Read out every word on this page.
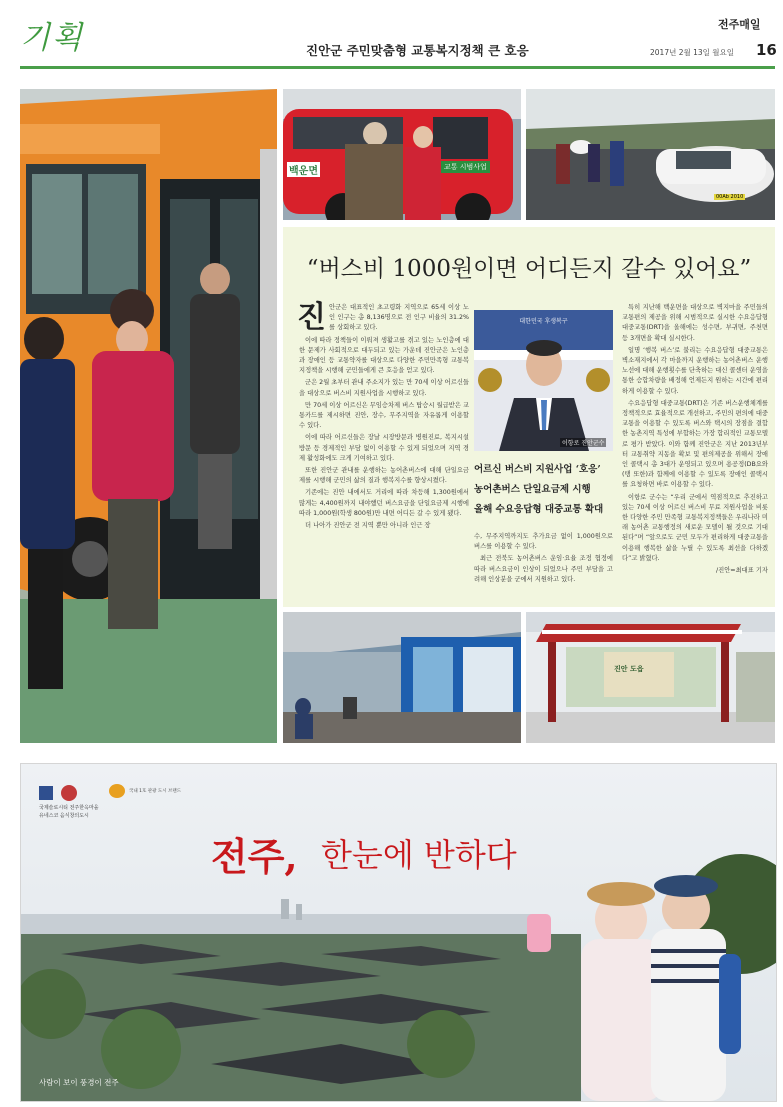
기획	진안군 주민맞춤형 교통복지정책 큰 호응
전주매일
2017년 2월 13일 월요일 16
백운면	교통 시범사업
00Ab 2010
“버스비 1000원이면 어디든지 갈수 있어요”
진 안군은 대표적인 초고령화 지역으로 65세 이상 노인 인구는 총 8,136명으로 전 인구 비율의 31.2%를 상회하고 있다.

이에 따라 정책들이 이뤄져 생활고를 겪고 있는 노인층에 대한 문제가 사회적으로 대두되고 있는 가운데 진안군은 노인층과 장애인 등 교통약자를 대상으로 다양한 주민만족형 교통복지정책을 시행해 군민들에게 큰 호응을 얻고 있다.

군은 2월 초부터 관내 주소지가 있는 만 70세 이상 어르신들을 대상으로 버스비 지원사업을 시행하고 있다.

만 70세 이상 어르신은 무임승차제 버스 탑승시 월급받은 교통카드를 제시하면 진안, 장수, 무주지역을 자유롭게 이용할 수 있다.

이에 따라 어르신들은 장날 시장방문과 병원진료, 복지시설 방문 등 경제적인 부담 없이 이용할 수 있게 되었으며 지역 경제 활성화에도 크게 기여하고 있다.

또한 진안군 관내를 운행하는 농어촌버스에 대해 단일요금제를 시행해 군민의 삶의 질과 행복지수를 향상시켰다.

기존에는 진안 내에서도 거리에 따라 차등해 1,300원에서 많게는 4,400원까지 내야했던 버스요금을 단일요금제 시행에 따라 1,000원(학생 800원)만 내면 어디든 갈 수 있게 됐다.

더 나아가 진안군 전 지역 뿐만 아니라 인근 장

대한민국 후생복구
이항로 진안군수
어르신 버스비 지원사업 ‘호응’
농어촌버스 단일요금제 시행
올해 수요응답형 대중교통 확대

수, 무주지역까지도 추가요금 없이 1,000원으로 버스를 이용할 수 있다.

최근 전북도 농어촌버스 운임·요율 조정 협정에 따라 버스요금이 인상이 되었으나 주민 부담을 고려해 인상분을 군에서 지원하고 있다.

특히 지난해 백운면을 대상으로 벽지마을 주민들의 교통편의 제공을 위해 시범적으로 실시한 수요응답형 대중교통(DRT)을 올해에는 성수면, 부귀면, 주천면 등 3개면을 확대 실시한다.

일명 ‘행복 버스’로 불리는 수요응답형 대중교통은 벽소재지에서 각 마을까지 운행하는 농어촌버스 운행노선에 대해 운행횟수를 단축하는 대신 콜센터 운영을 통한 승합차량을 배정해 언제든지 원하는 시간에 편리하게 이용할 수 있다.

수요응답형 대중교통(DRT)은 기존 버스운행체계를 정책적으로 효율적으로 개선하고, 주민의 편의에 대중교통을 이용할 수 있도록 버스와 택시의 장점을 결합한 농촌지역 특성에 부합하는 가장 합리적인 교통모델로 평가 받았다. 이와 함께 진안군은 지난 2013년부터 교통취약 지동을 확보 및 편의제공을 위해서 장애인 콜택시 총 3대가 운영되고 있으며 용공정(DB요와 (탱 또한)과 함께에 이용할 수 있도록 장애인 콜택시를 요청하면 바로 이용할 수 있다.

이항로 군수는 “우리 군에서 역점적으로 추진하고 있는 70세 이상 어르신 버스비 무료 지원사업을 비롯한 다양한 주민 만족형 교통복지정책들은 우리나라 미래 농어촌 교통행정의 새로운 모델이 될 것으로 기대된다”며 “앞으로도 군민 모두가 편리하게 대중교통을 이용해 행복한 삶을 누릴 수 있도록 최선을 다하겠다”고 밝혔다.

/진안=최대표 기자

진안 도읍
국제슬로시티 전주한옥마을
유네스코 음식창의도시
국내 1호 관광 도시 브랜드
전주, 한눈에 반하다
사람이 보이 풍경이 전주
